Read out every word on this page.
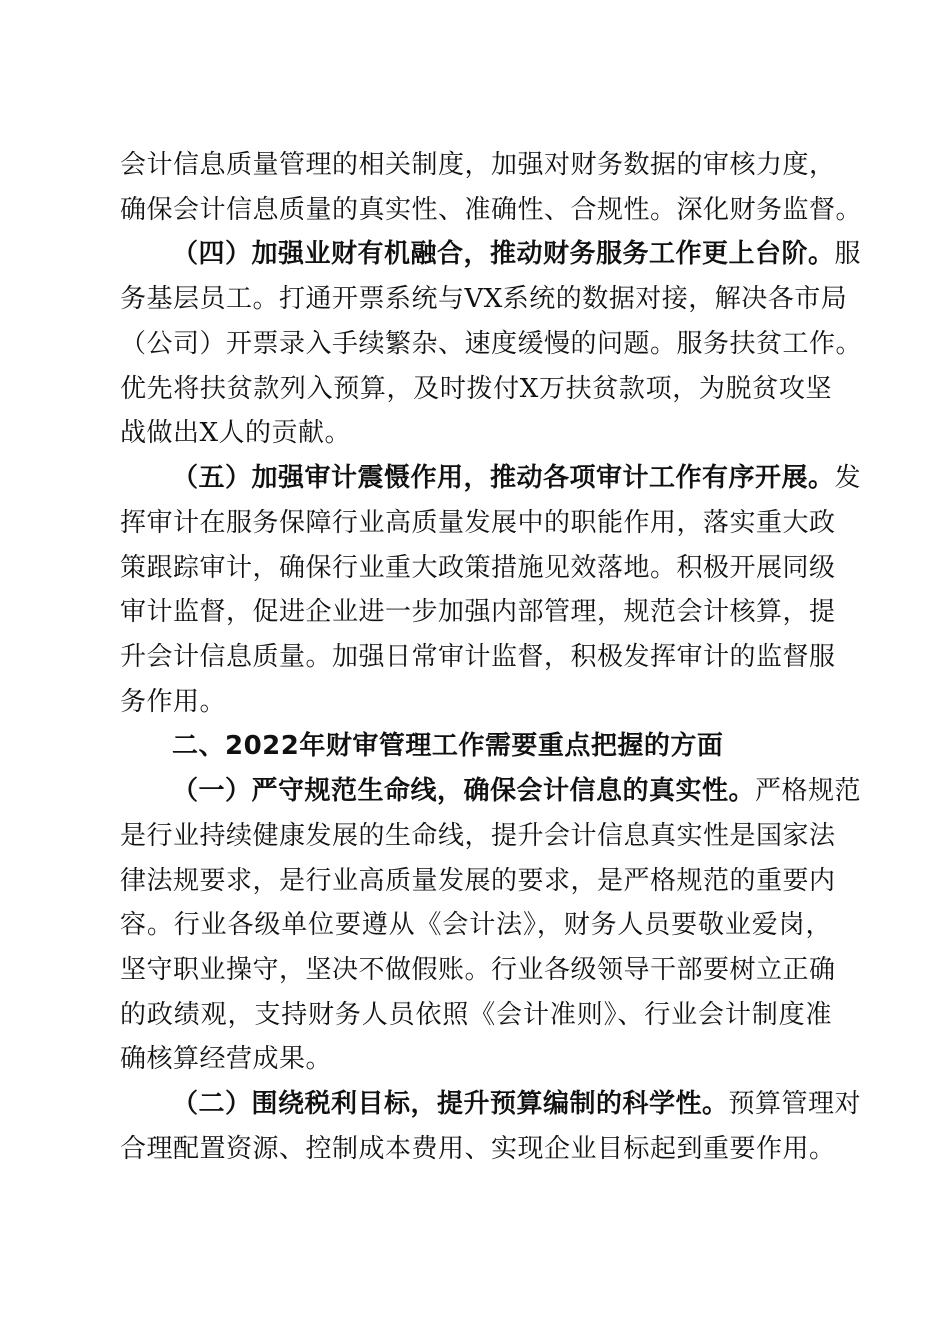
会计信息质量管理的相关制度，加强对财务数据的审核力度，
确保会计信息质量的真实性、准确性、合规性。深化财务监督。
（四）加强业财有机融合，推动财务服务工作更上台阶。服
务基层员工。打通开票系统与VX系统的数据对接，解决各市局
（公司）开票录入手续繁杂、速度缓慢的问题。服务扶贫工作。
优先将扶贫款列入预算，及时拨付X万扶贫款项，为脱贫攻坚
战做出X人的贡献。
（五）加强审计震慑作用，推动各项审计工作有序开展。发
挥审计在服务保障行业高质量发展中的职能作用，落实重大政
策跟踪审计，确保行业重大政策措施见效落地。积极开展同级
审计监督，促进企业进一步加强内部管理，规范会计核算，提
升会计信息质量。加强日常审计监督，积极发挥审计的监督服
务作用。
二、2022年财审管理工作需要重点把握的方面
（一）严守规范生命线，确保会计信息的真实性。严格规范
是行业持续健康发展的生命线，提升会计信息真实性是国家法
律法规要求，是行业高质量发展的要求，是严格规范的重要内
容。行业各级单位要遵从《会计法》，财务人员要敬业爱岗，
坚守职业操守，坚决不做假账。行业各级领导干部要树立正确
的政绩观，支持财务人员依照《会计准则》、行业会计制度准
确核算经营成果。
（二）围绕税利目标，提升预算编制的科学性。预算管理对
合理配置资源、控制成本费用、实现企业目标起到重要作用。
